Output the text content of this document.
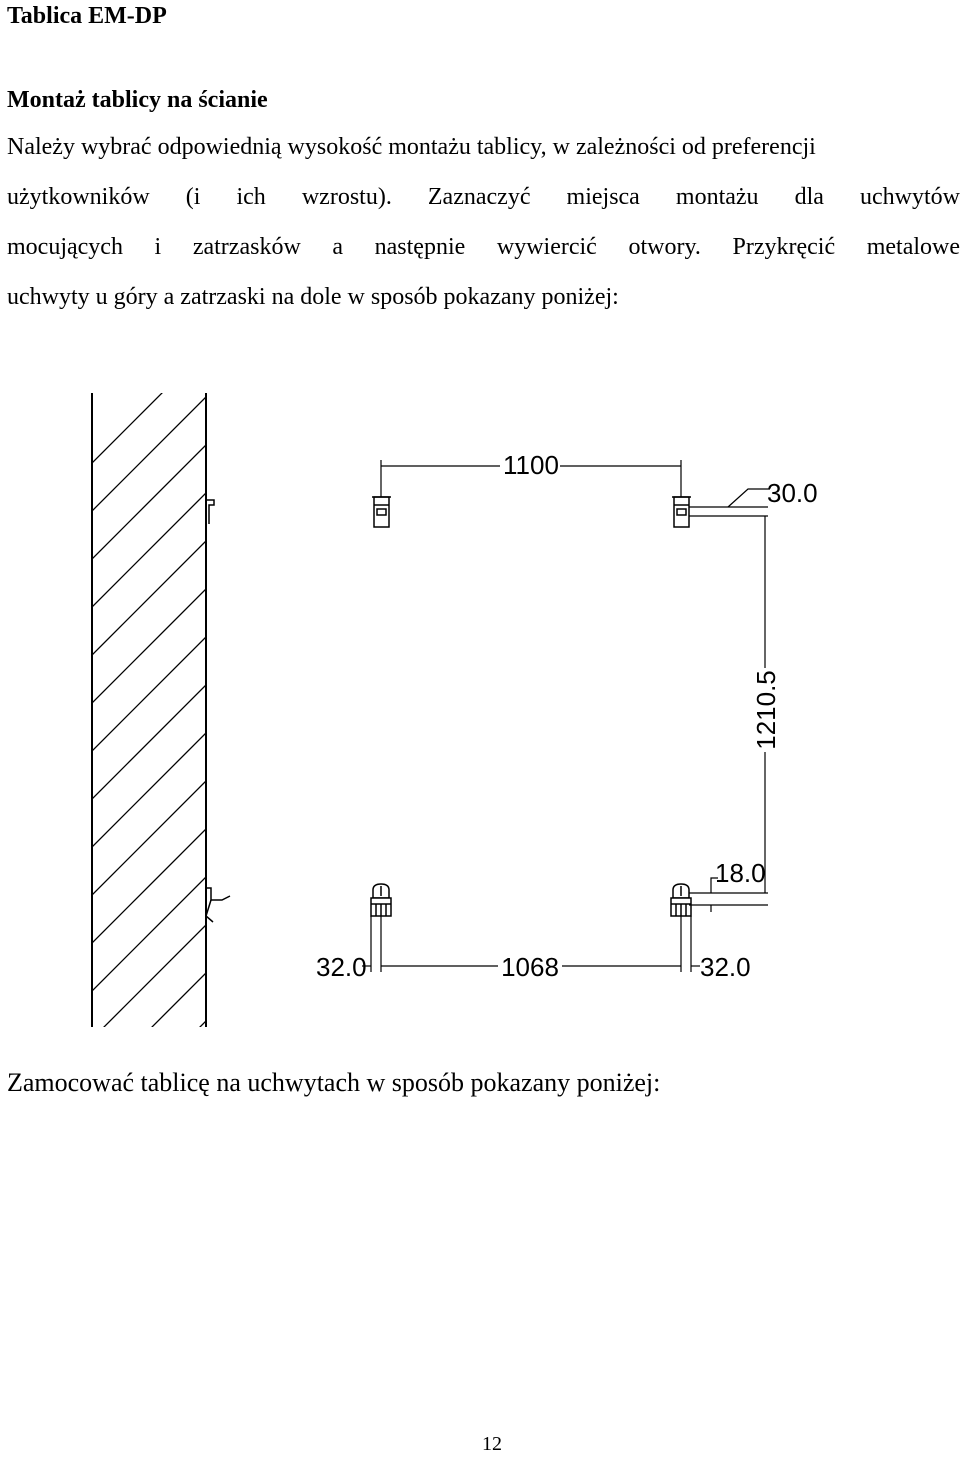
Tablica EM-DP
Montaż tablicy na ścianie
Należy wybrać odpowiednią wysokość montażu tablicy, w zależności od preferencji
użytkowników (i ich wzrostu). Zaznaczyć miejsca montażu dla uchwytów
mocujących i zatrzasków a następnie wywiercić otwory. Przykręcić metalowe
uchwyty u góry a zatrzaski na dole w sposób pokazany poniżej:
1100
30.0
1210.5
18.0
32.0	1068	32.0
Zamocować tablicę na uchwytach w sposób pokazany poniżej:
12
